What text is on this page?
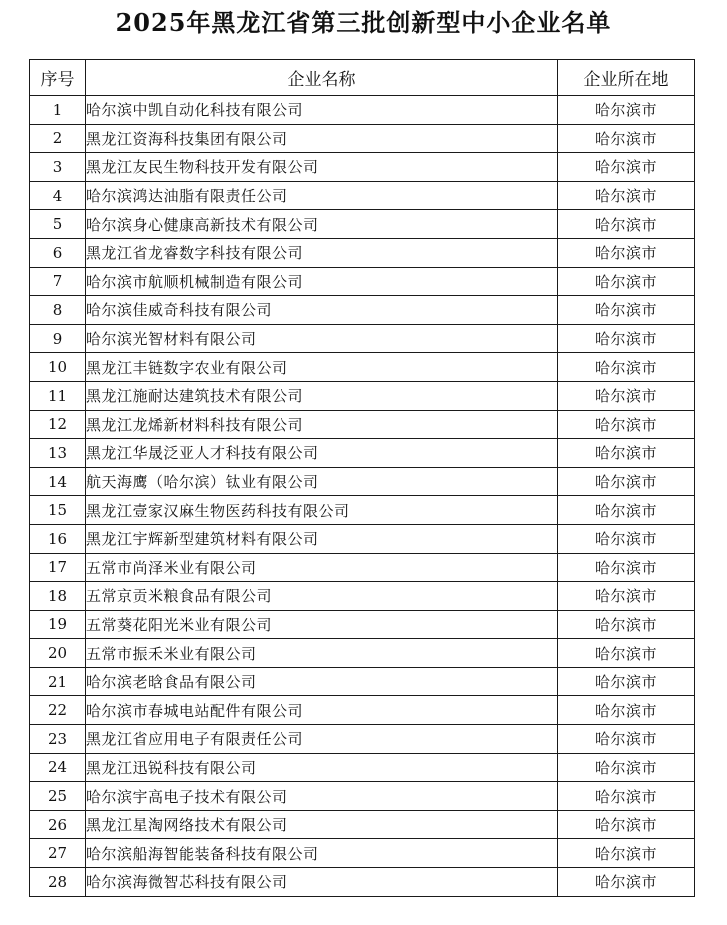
2025年黑龙江省第三批创新型中小企业名单
序号	企业名称	企业所在地
1	哈尔滨中凯自动化科技有限公司	哈尔滨市
2	黑龙江资海科技集团有限公司	哈尔滨市
3	黑龙江友民生物科技开发有限公司	哈尔滨市
4	哈尔滨鸿达油脂有限责任公司	哈尔滨市
5	哈尔滨身心健康高新技术有限公司	哈尔滨市
6	黑龙江省龙睿数字科技有限公司	哈尔滨市
7	哈尔滨市航顺机械制造有限公司	哈尔滨市
8	哈尔滨佳威奇科技有限公司	哈尔滨市
9	哈尔滨光智材料有限公司	哈尔滨市
10	黑龙江丰链数字农业有限公司	哈尔滨市
11	黑龙江施耐达建筑技术有限公司	哈尔滨市
12	黑龙江龙烯新材料科技有限公司	哈尔滨市
13	黑龙江华晟泛亚人才科技有限公司	哈尔滨市
14	航天海鹰（哈尔滨）钛业有限公司	哈尔滨市
15	黑龙江壹家汉麻生物医药科技有限公司	哈尔滨市
16	黑龙江宇辉新型建筑材料有限公司	哈尔滨市
17	五常市尚泽米业有限公司	哈尔滨市
18	五常京贡米粮食品有限公司	哈尔滨市
19	五常葵花阳光米业有限公司	哈尔滨市
20	五常市振禾米业有限公司	哈尔滨市
21	哈尔滨老晗食品有限公司	哈尔滨市
22	哈尔滨市春城电站配件有限公司	哈尔滨市
23	黑龙江省应用电子有限责任公司	哈尔滨市
24	黑龙江迅锐科技有限公司	哈尔滨市
25	哈尔滨宇高电子技术有限公司	哈尔滨市
26	黑龙江星淘网络技术有限公司	哈尔滨市
27	哈尔滨船海智能装备科技有限公司	哈尔滨市
28	哈尔滨海微智芯科技有限公司	哈尔滨市
